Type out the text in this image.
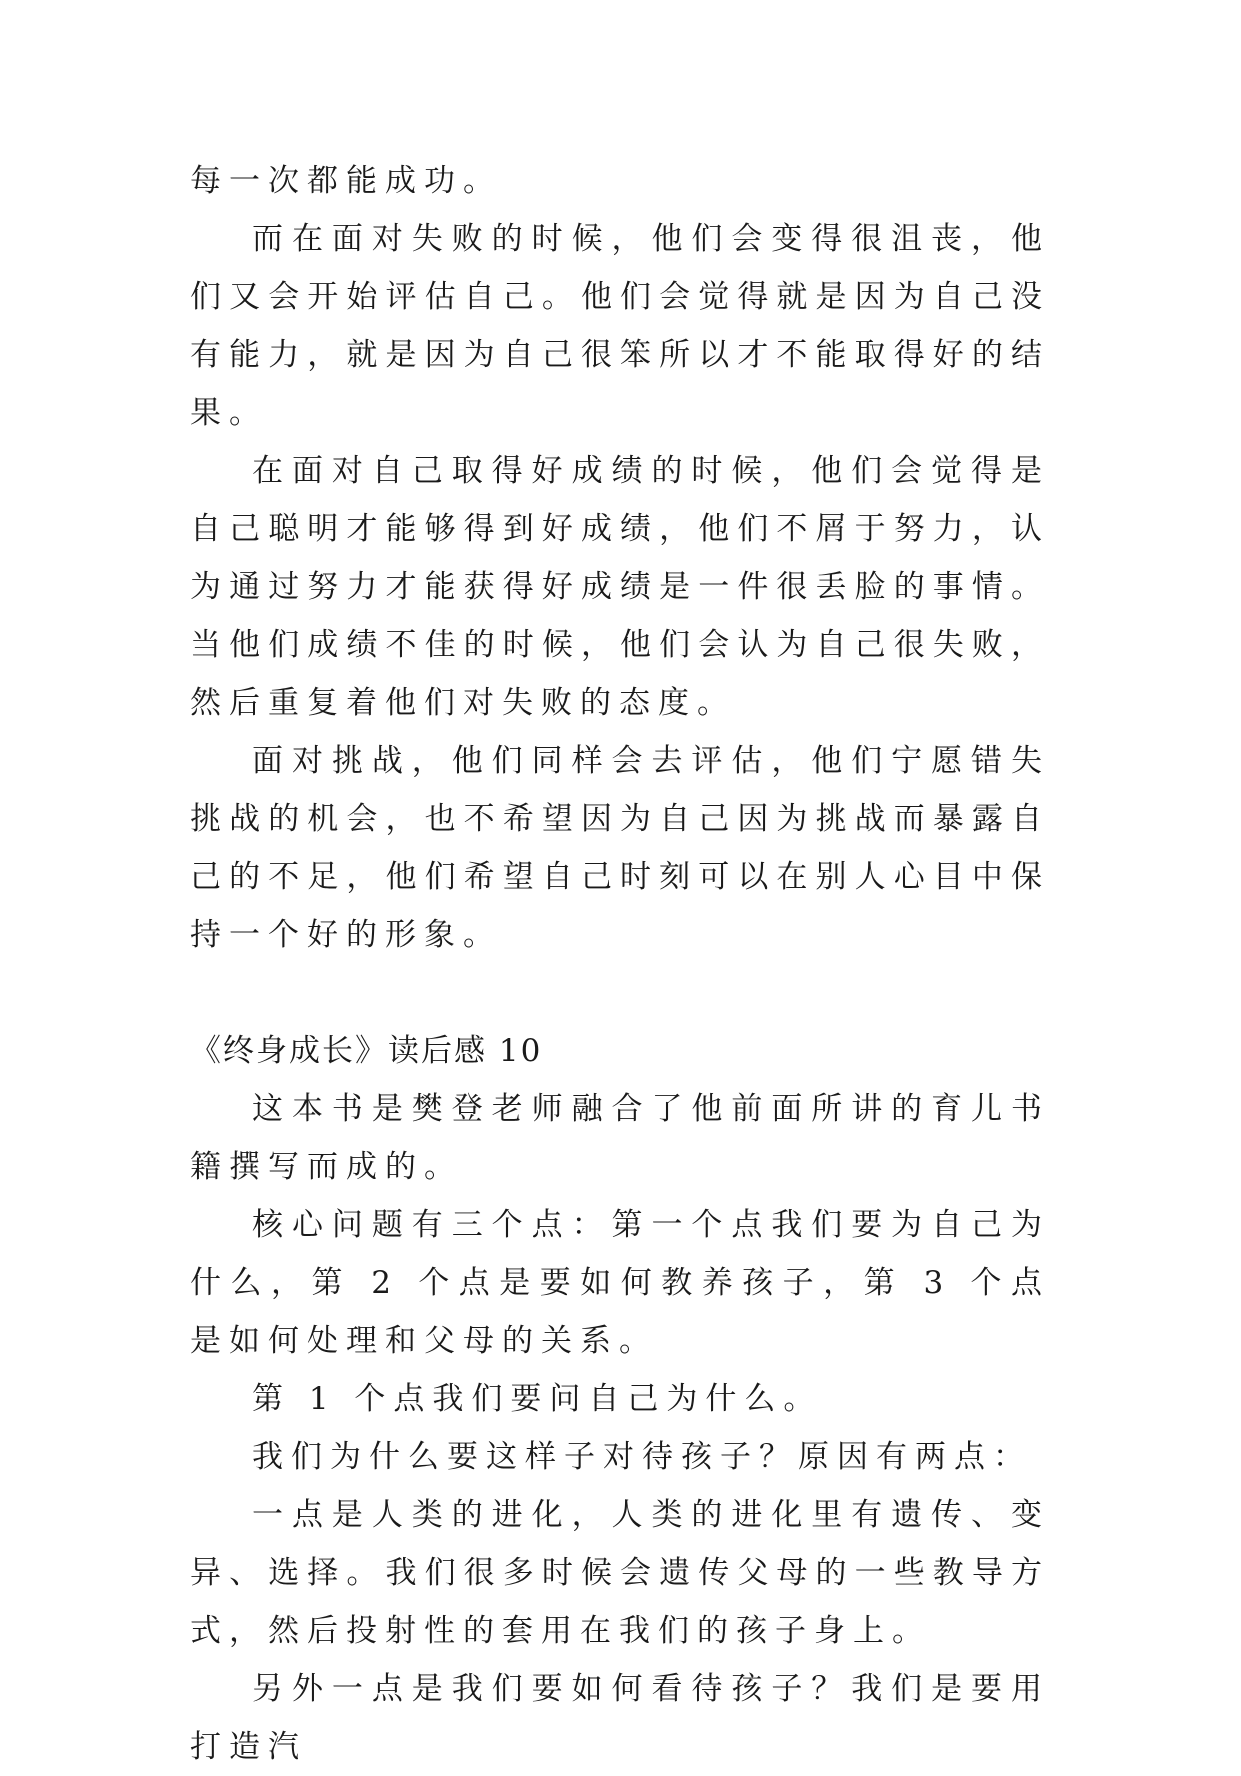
每一次都能成功。

而在面对失败的时候，他们会变得很沮丧，他们又会开始评估自己。他们会觉得就是因为自己没有能力，就是因为自己很笨所以才不能取得好的结果。

在面对自己取得好成绩的时候，他们会觉得是自己聪明才能够得到好成绩，他们不屑于努力，认为通过努力才能获得好成绩是一件很丢脸的事情。当他们成绩不佳的时候，他们会认为自己很失败，然后重复着他们对失败的态度。

面对挑战，他们同样会去评估，他们宁愿错失挑战的机会，也不希望因为自己因为挑战而暴露自己的不足，他们希望自己时刻可以在别人心目中保持一个好的形象。

《终身成长》读后感 10

这本书是樊登老师融合了他前面所讲的育儿书籍撰写而成的。

核心问题有三个点：第一个点我们要为自己为什么，第 2 个点是要如何教养孩子，第 3 个点是如何处理和父母的关系。

第 1 个点我们要问自己为什么。

我们为什么要这样子对待孩子？原因有两点：

一点是人类的进化，人类的进化里有遗传、变异、选择。我们很多时候会遗传父母的一些教导方式，然后投射性的套用在我们的孩子身上。

另外一点是我们要如何看待孩子？我们是要用打造汽
